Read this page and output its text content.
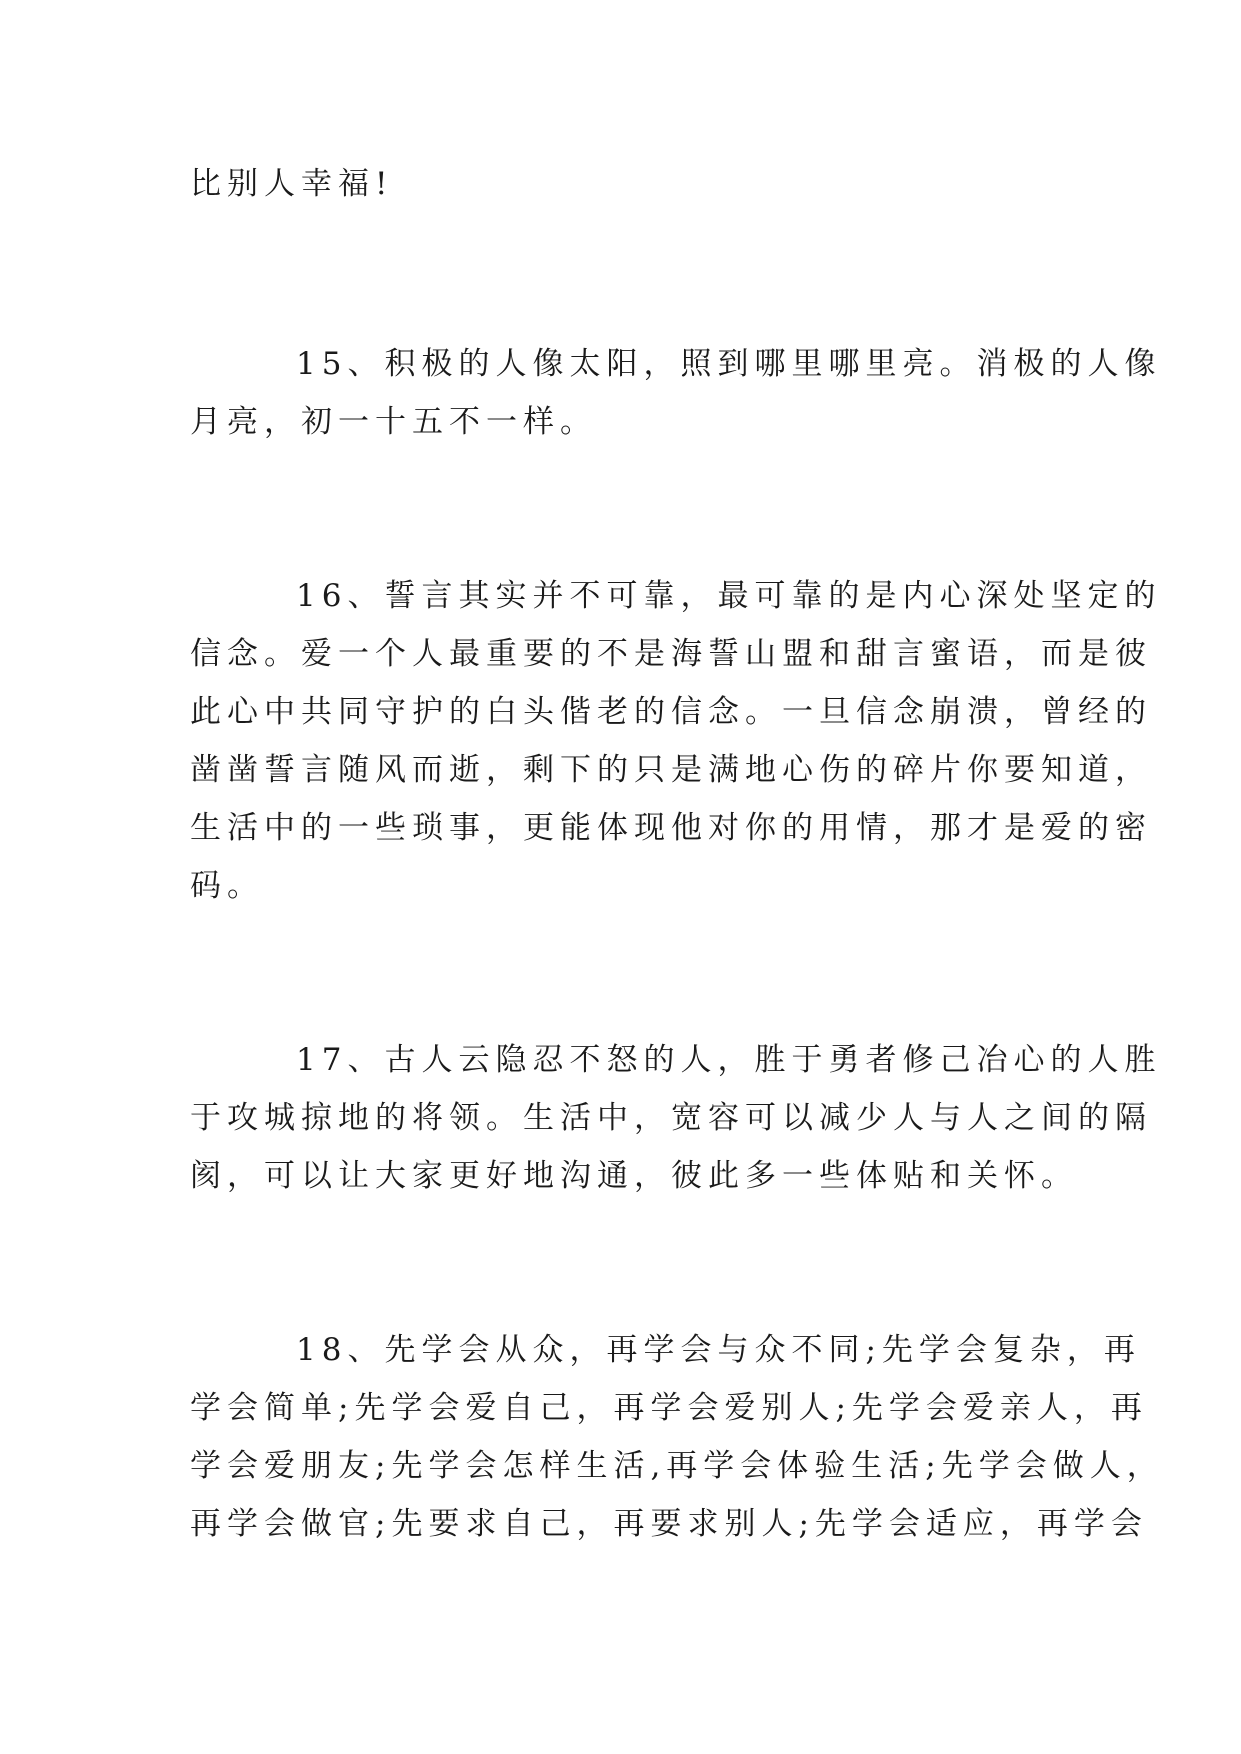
比别人幸福!
15、积极的人像太阳，照到哪里哪里亮。消极的人像
月亮，初一十五不一样。
16、誓言其实并不可靠，最可靠的是内心深处坚定的
信念。爱一个人最重要的不是海誓山盟和甜言蜜语，而是彼
此心中共同守护的白头偕老的信念。一旦信念崩溃，曾经的
凿凿誓言随风而逝，剩下的只是满地心伤的碎片你要知道，
生活中的一些琐事，更能体现他对你的用情，那才是爱的密
码。
17、古人云隐忍不怒的人，胜于勇者修己冶心的人胜
于攻城掠地的将领。生活中，宽容可以减少人与人之间的隔
阂，可以让大家更好地沟通，彼此多一些体贴和关怀。
18、先学会从众，再学会与众不同;先学会复杂，再
学会简单;先学会爱自己，再学会爱别人;先学会爱亲人，再
学会爱朋友;先学会怎样生活,再学会体验生活;先学会做人，
再学会做官;先要求自己，再要求别人;先学会适应，再学会
